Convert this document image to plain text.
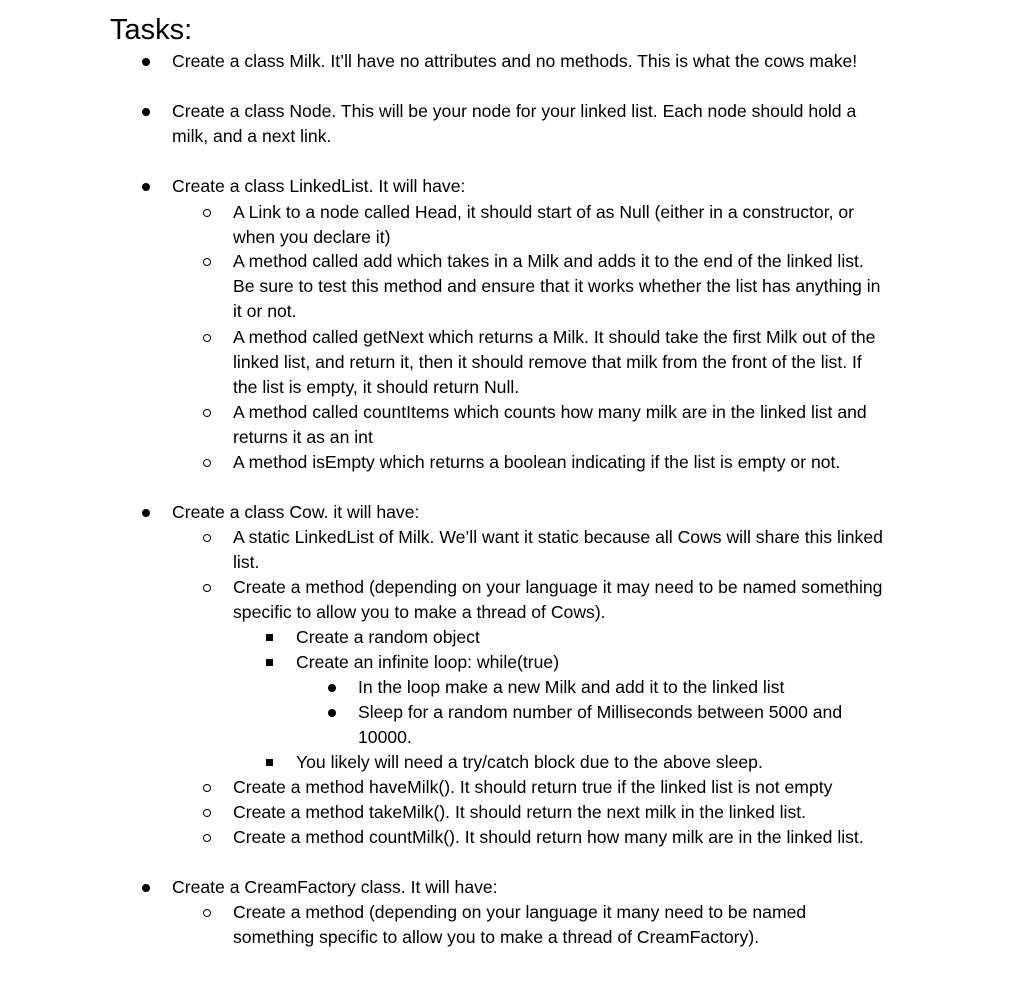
Tasks:
Create a class Milk. It’ll have no attributes and no methods. This is what the cows make!
Create a class Node. This will be your node for your linked list. Each node should hold a
milk, and a next link.
Create a class LinkedList. It will have:
A Link to a node called Head, it should start of as Null (either in a constructor, or
when you declare it)
A method called add which takes in a Milk and adds it to the end of the linked list.
Be sure to test this method and ensure that it works whether the list has anything in
it or not.
A method called getNext which returns a Milk. It should take the first Milk out of the
linked list, and return it, then it should remove that milk from the front of the list. If
the list is empty, it should return Null.
A method called countItems which counts how many milk are in the linked list and
returns it as an int
A method isEmpty which returns a boolean indicating if the list is empty or not.
Create a class Cow. it will have:
A static LinkedList of Milk. We’ll want it static because all Cows will share this linked
list.
Create a method (depending on your language it may need to be named something
specific to allow you to make a thread of Cows).
Create a random object
Create an infinite loop: while(true)
In the loop make a new Milk and add it to the linked list
Sleep for a random number of Milliseconds between 5000 and
10000.
You likely will need a try/catch block due to the above sleep.
Create a method haveMilk(). It should return true if the linked list is not empty
Create a method takeMilk(). It should return the next milk in the linked list.
Create a method countMilk(). It should return how many milk are in the linked list.
Create a CreamFactory class. It will have:
Create a method (depending on your language it many need to be named
something specific to allow you to make a thread of CreamFactory).
